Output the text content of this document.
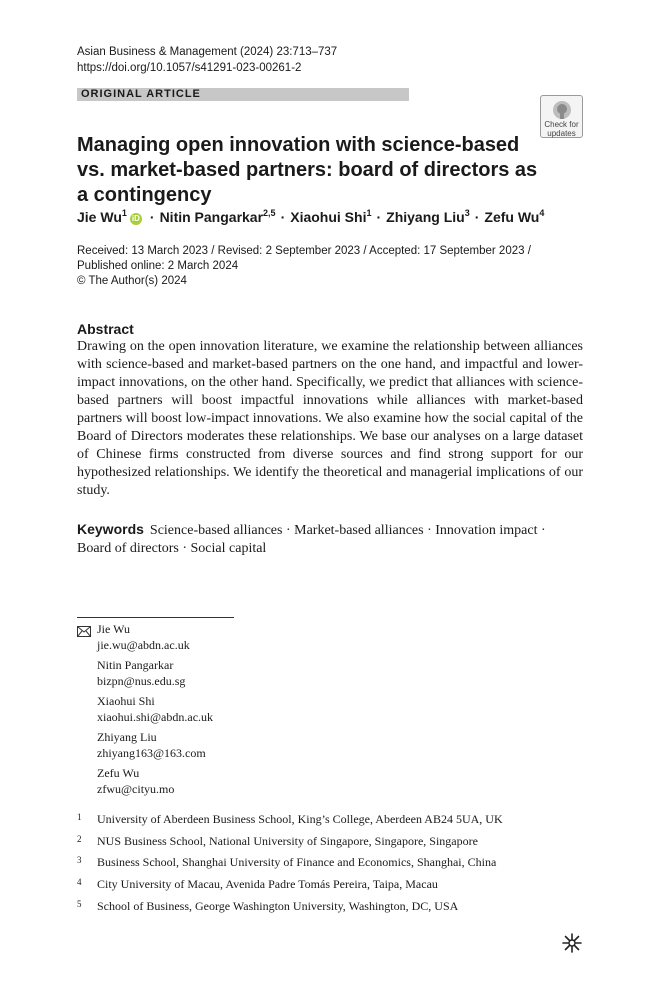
Asian Business & Management (2024) 23:713–737
https://doi.org/10.1057/s41291-023-00261-2
ORIGINAL ARTICLE
Check for
updates
Managing open innovation with science-based vs. market-based partners: board of directors as a contingency
Jie $Wu^1iD$ · Nitin Pangarkar$^{2,5}$ · Xiaohui Shi$^1$ · Zhiyang Liu$^3$ · Zefu Wu$^4$
Received: 13 March 2023 / Revised: 2 September 2023 / Accepted: 17 September 2023 /
Published online: 2 March 2024
© The Author(s) 2024
Abstract
Drawing on the open innovation literature, we examine the relationship between alliances with science-based and market-based partners on the one hand, and impactful and lower-impact innovations, on the other hand. Specifically, we predict that alliances with science-based partners will boost impactful innovations while alliances with market-based partners will boost low-impact innovations. We also examine how the social capital of the Board of Directors moderates these relationships. We base our analyses on a large dataset of Chinese firms constructed from diverse sources and find strong support for our hypothesized relationships. We identify the theoretical and managerial implications of our study.
Keywords Science-based alliances · Market-based alliances · Innovation impact · Board of directors · Social capital
Jie Wu
jie.wu@abdn.ac.uk
Nitin Pangarkar
bizpn@nus.edu.sg
Xiaohui Shi
xiaohui.shi@abdn.ac.uk
Zhiyang Liu
zhiyang163@163.com
Zefu Wu
zfwu@cityu.mo
1 University of Aberdeen Business School, King’s College, Aberdeen AB24 5UA, UK
2 NUS Business School, National University of Singapore, Singapore, Singapore
3 Business School, Shanghai University of Finance and Economics, Shanghai, China
4 City University of Macau, Avenida Padre Tomás Pereira, Taipa, Macau
5 School of Business, George Washington University, Washington, DC, USA
